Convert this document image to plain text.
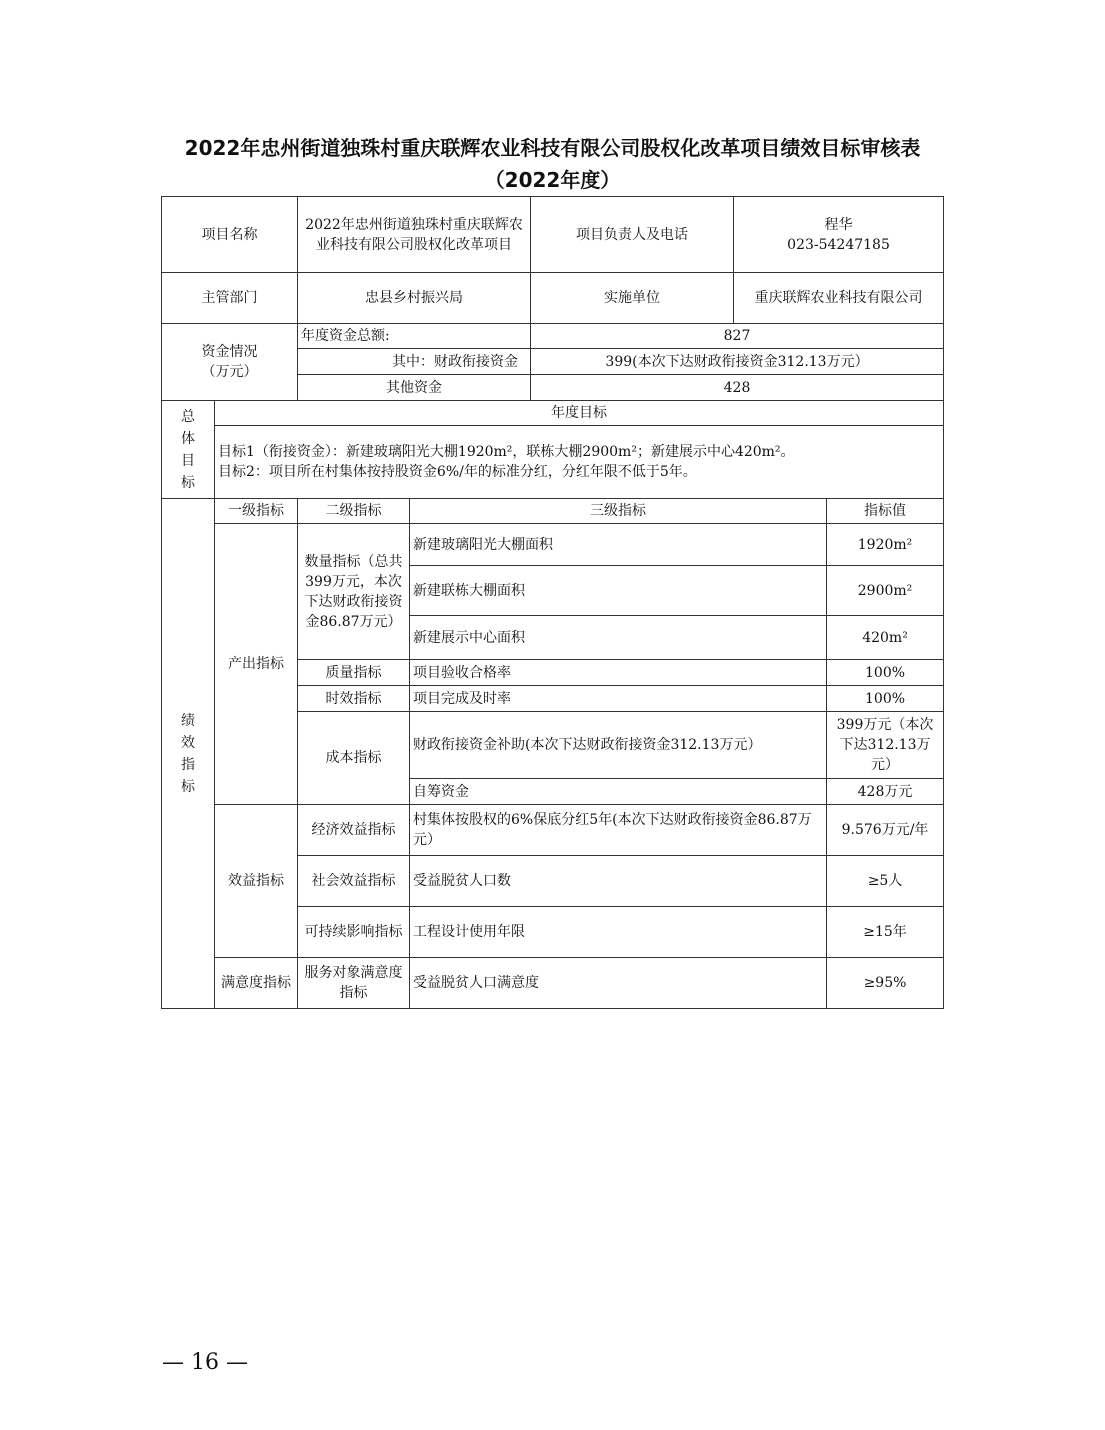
2022年忠州街道独珠村重庆联辉农业科技有限公司股权化改革项目绩效目标审核表
（2022年度）
项目名称		2022年忠州街道独珠村重庆联辉农业科技有限公司股权化改革项目		项目负责人及电话	程华
023-54247185	

主管部门		忠县乡村振兴局		实施单位	重庆联辉农业科技有限公司	

资金情况
（万元）		年度资金总额:		827		
		其中：财政衔接资金		399(本次下达财政衔接资金312.13万元）		
		其他资金		428		

总
体
目
标	年度目标					

	目标1（衔接资金）：新建玻璃阳光大棚1920m²，联栋大棚2900m²；新建展示中心420m²。
目标2：项目所在村集体按持股资金6%/年的标准分红，分红年限不低于5年。					

绩
效
指
标	一级指标	二级指标	三级指标			指标值
	产出指标	数量指标（总共399万元，本次下达财政衔接资金86.87万元）	新建玻璃阳光大棚面积			1920m²
			新建联栋大棚面积			2900m²
			新建展示中心面积			420m²
		质量指标	项目验收合格率			100%
		时效指标	项目完成及时率			100%
		成本指标	财政衔接资金补助(本次下达财政衔接资金312.13万元）			399万元（本次下达312.13万元）
			自筹资金			428万元
	效益指标	经济效益指标	村集体按股权的6%保底分红5年(本次下达财政衔接资金86.87万元）			9.576万元/年
		社会效益指标	受益脱贫人口数			≥5人
		可持续影响指标	工程设计使用年限			≥15年
	满意度指标	服务对象满意度指标	受益脱贫人口满意度			≥95%
— 16 —
